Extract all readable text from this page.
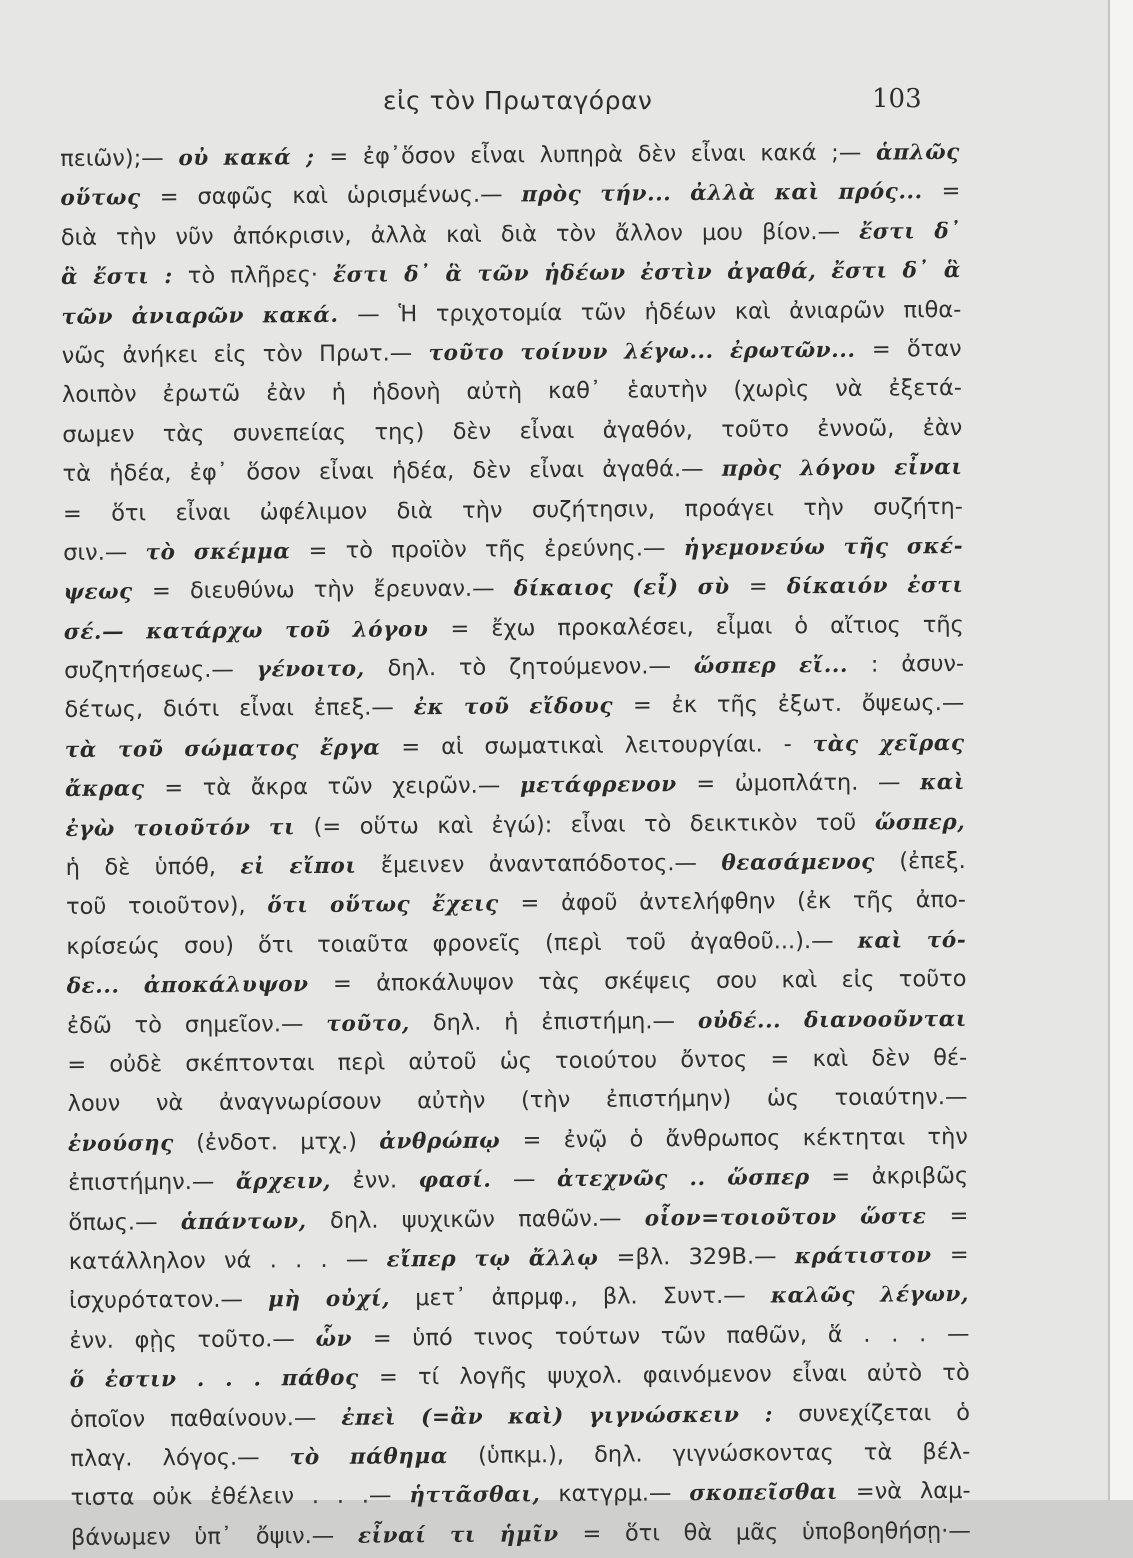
εἰς τὸν Πρωταγόραν	103
πειῶν);— οὐ κακά ; = ἐφ᾽ὅσον εἶναι λυπηρὰ δὲν εἶναι κακά ;— ἁπλῶς
οὕτως = σαφῶς καὶ ὡρισμένως.— πρὸς τήν... ἀλλὰ καὶ πρός... =
διὰ τὴν νῦν ἀπόκρισιν, ἀλλὰ καὶ διὰ τὸν ἄλλον μου βίον.— ἔστι δ᾽
ἃ ἔστι : τὸ πλῆρες· ἔστι δ᾽ ἃ τῶν ἡδέων ἐστὶν ἀγαθά, ἔστι δ᾽ ἃ
τῶν ἀνιαρῶν κακά. — Ἡ τριχοτομία τῶν ἡδέων καὶ ἀνιαρῶν πιθα-
νῶς ἀνήκει εἰς τὸν Πρωτ.— τοῦτο τοίνυν λέγω... ἐρωτῶν... = ὅταν
λοιπὸν ἐρωτῶ ἐὰν ἡ ἡδονὴ αὐτὴ καθ᾽ ἑαυτὴν (χωρὶς νὰ ἐξετά-
σωμεν τὰς συνεπείας της) δὲν εἶναι ἀγαθόν, τοῦτο ἐννοῶ, ἐὰν
τὰ ἡδέα, ἐφ᾽ ὅσον εἶναι ἡδέα, δὲν εἶναι ἀγαθά.— πρὸς λόγου εἶναι
= ὅτι εἶναι ὠφέλιμον διὰ τὴν συζήτησιν, προάγει τὴν συζήτη-
σιν.— τὸ σκέμμα = τὸ προϊὸν τῆς ἐρεύνης.— ἡγεμονεύω τῆς σκέ-
ψεως = διευθύνω τὴν ἔρευναν.— δίκαιος (εἶ) σὺ = δίκαιόν ἐστι
σέ.— κατάρχω τοῦ λόγου = ἔχω προκαλέσει, εἶμαι ὁ αἴτιος τῆς
συζητήσεως.— γένοιτο, δηλ. τὸ ζητούμενον.— ὥσπερ εἴ... : ἀσυν-
δέτως, διότι εἶναι ἐπεξ.— ἐκ τοῦ εἴδους = ἐκ τῆς ἐξωτ. ὄψεως.—
τὰ τοῦ σώματος ἔργα = αἱ σωματικαὶ λειτουργίαι. - τὰς χεῖρας
ἄκρας = τὰ ἄκρα τῶν χειρῶν.— μετάφρενον = ὠμοπλάτη. — καὶ
ἐγὼ τοιοῦτόν τι (= οὕτω καὶ ἐγώ): εἶναι τὸ δεικτικὸν τοῦ ὥσπερ,
ἡ δὲ ὑπόθ, εἰ εἴποι ἔμεινεν ἀνανταπόδοτος.— θεασάμενος (ἐπεξ.
τοῦ τοιοῦτον), ὅτι οὕτως ἔχεις = ἀφοῦ ἀντελήφθην (ἐκ τῆς ἀπο-
κρίσεώς σου) ὅτι τοιαῦτα φρονεῖς (περὶ τοῦ ἀγαθοῦ...).— καὶ τό-
δε... ἀποκάλυψον = ἀποκάλυψον τὰς σκέψεις σου καὶ εἰς τοῦτο
ἐδῶ τὸ σημεῖον.— τοῦτο, δηλ. ἡ ἐπιστήμη.— οὐδέ... διανοοῦνται
= οὐδὲ σκέπτονται περὶ αὐτοῦ ὡς τοιούτου ὄντος = καὶ δὲν θέ-
λουν νὰ ἀναγνωρίσουν αὐτὴν (τὴν ἐπιστήμην) ὡς τοιαύτην.—
ἐνούσης (ἐνδοτ. μτχ.) ἀνθρώπῳ = ἐνῷ ὁ ἄνθρωπος κέκτηται τὴν
ἐπιστήμην.— ἄρχειν, ἐνν. φασί. — ἀτεχνῶς .. ὥσπερ = ἀκριβῶς
ὅπως.— ἁπάντων, δηλ. ψυχικῶν παθῶν.— οἷον=τοιοῦτον ὥστε =
κατάλληλον νά . . . — εἴπερ τῳ ἄλλῳ =βλ. 329Β.— κράτιστον =
ἰσχυρότατον.— μὴ οὐχί, μετ᾽ ἀπρμφ., βλ. Συντ.— καλῶς λέγων,
ἐνν. φῂς τοῦτο.— ὧν = ὑπό τινος τούτων τῶν παθῶν, ἅ . . . —
ὅ ἐστιν . . . πάθος = τί λογῆς ψυχολ. φαινόμενον εἶναι αὐτὸ τὸ
ὁποῖον παθαίνουν.— ἐπεὶ (=ἂν καὶ) γιγνώσκειν : συνεχίζεται ὁ
πλαγ. λόγος.— τὸ πάθημα (ὑπκμ.), δηλ. γιγνώσκοντας τὰ βέλ-
τιστα οὐκ ἐθέλειν . . .— ἡττᾶσθαι, κατγρμ.— σκοπεῖσθαι =νὰ λαμ-
βάνωμεν ὑπ᾽ ὄψιν.— εἶναί τι ἡμῖν = ὅτι θὰ μᾶς ὑποβοηθήσῃ·—
